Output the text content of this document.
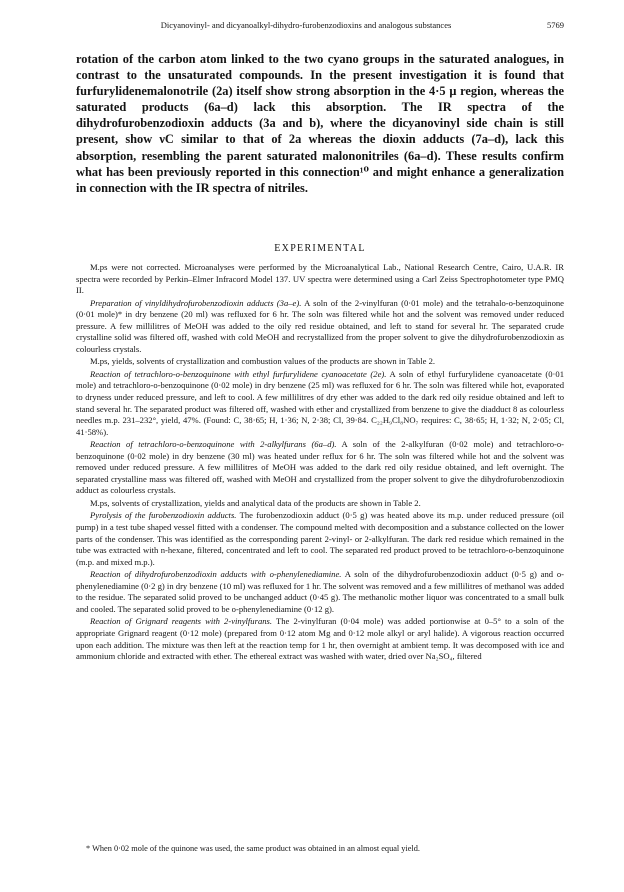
Dicyanovinyl- and dicyanoalkyl-dihydro-furobenzodioxins and analogous substances	5769

rotation of the carbon atom linked to the two cyano groups in the saturated analogues, in contrast to the unsaturated compounds. In the present investigation it is found that furfurylidenemalonotrile (2a) itself show strong absorption in the 4·5 μ region, whereas the saturated products (6a–d) lack this absorption. The IR spectra of the dihydrofurobenzodioxin adducts (3a and b), where the dicyanovinyl side chain is still present, show νC similar to that of 2a whereas the dioxin adducts (7a–d), lack this absorption, resembling the parent saturated malononitriles (6a–d). These results confirm what has been previously reported in this connection¹⁰ and might enhance a generalization in connection with the IR spectra of nitriles.

EXPERIMENTAL

M.ps were not corrected. Microanalyses were performed by the Microanalytical Lab., National Research Centre, Cairo, U.A.R. IR spectra were recorded by Perkin–Elmer Infracord Model 137. UV spectra were determined using a Carl Zeiss Spectrophotometer type PMQ II.

Preparation of vinyldihydrofurobenzodioxin adducts (3a–e). A soln of the 2-vinylfuran (0·01 mole) and the tetrahalo-o-benzoquinone (0·01 mole)* in dry benzene (20 ml) was refluxed for 6 hr. The soln was filtered while hot and the solvent was removed under reduced pressure. A few millilitres of MeOH was added to the oily red residue obtained, and left to stand for several hr. The separated crude crystalline solid was filtered off, washed with cold MeOH and recrystallized from the proper solvent to give the dihydrofurobenzodioxin as colourless crystals.

M.ps, yields, solvents of crystallization and combustion values of the products are shown in Table 2.

Reaction of tetrachloro-o-benzoquinone with ethyl furfurylidene cyanoacetate (2e). A soln of ethyl furfurylidene cyanoacetate (0·01 mole) and tetrachloro-o-benzoquinone (0·02 mole) in dry benzene (25 ml) was refluxed for 6 hr. The soln was filtered while hot, evaporated to dryness under reduced pressure, and left to cool. A few millilitres of dry ether was added to the dark red oily residue obtained and left to stand several hr. The separated product was filtered off, washed with ether and crystallized from benzene to give the diadduct 8 as colourless needles m.p. 231–232°, yield, 47%. (Found: C, 38·65; H, 1·36; N, 2·38; Cl, 39·84. C₂₂H₉Cl₈NO₇ requires: C, 38·65; H, 1·32; N, 2·05; Cl, 41·58%).

Reaction of tetrachloro-o-benzoquinone with 2-alkylfurans (6a–d). A soln of the 2-alkylfuran (0·02 mole) and tetrachloro-o-benzoquinone (0·02 mole) in dry benzene (30 ml) was heated under reflux for 6 hr. The soln was filtered while hot and the solvent was removed under reduced pressure. A few millilitres of MeOH was added to the dark red oily residue obtained, and left overnight. The separated crystalline mass was filtered off, washed with MeOH and crystallized from the proper solvent to give the dihydrofurobenzodioxin adduct as colourless crystals.

M.ps, solvents of crystallization, yields and analytical data of the products are shown in Table 2.

Pyrolysis of the furobenzodioxin adducts. The furobenzodioxin adduct (0·5 g) was heated above its m.p. under reduced pressure (oil pump) in a test tube shaped vessel fitted with a condenser. The compound melted with decomposition and a substance collected on the lower parts of the condenser. This was identified as the corresponding parent 2-vinyl- or 2-alkylfuran. The dark red residue which remained in the tube was extracted with n-hexane, filtered, concentrated and left to cool. The separated red product proved to be tetrachloro-o-benzoquinone (m.p. and mixed m.p.).

Reaction of dihydrofurobenzodioxin adducts with o-phenylenediamine. A soln of the dihydrofurobenzodioxin adduct (0·5 g) and o-phenylenediamine (0·2 g) in dry benzene (10 ml) was refluxed for 1 hr. The solvent was removed and a few millilitres of methanol was added to the residue. The separated solid proved to be unchanged adduct (0·45 g). The methanolic mother liquor was concentrated to a small bulk and cooled. The separated solid proved to be o-phenylenediamine (0·12 g).

Reaction of Grignard reagents with 2-vinylfurans. The 2-vinylfuran (0·04 mole) was added portionwise at 0–5° to a soln of the appropriate Grignard reagent (0·12 mole) (prepared from 0·12 atom Mg and 0·12 mole alkyl or aryl halide). A vigorous reaction occurred upon each addition. The mixture was then left at the reaction temp for 1 hr, then overnight at ambient temp. It was decomposed with ice and ammonium chloride and extracted with ether. The ethereal extract was washed with water, dried over Na₂SO₄, filtered

* When 0·02 mole of the quinone was used, the same product was obtained in an almost equal yield.
